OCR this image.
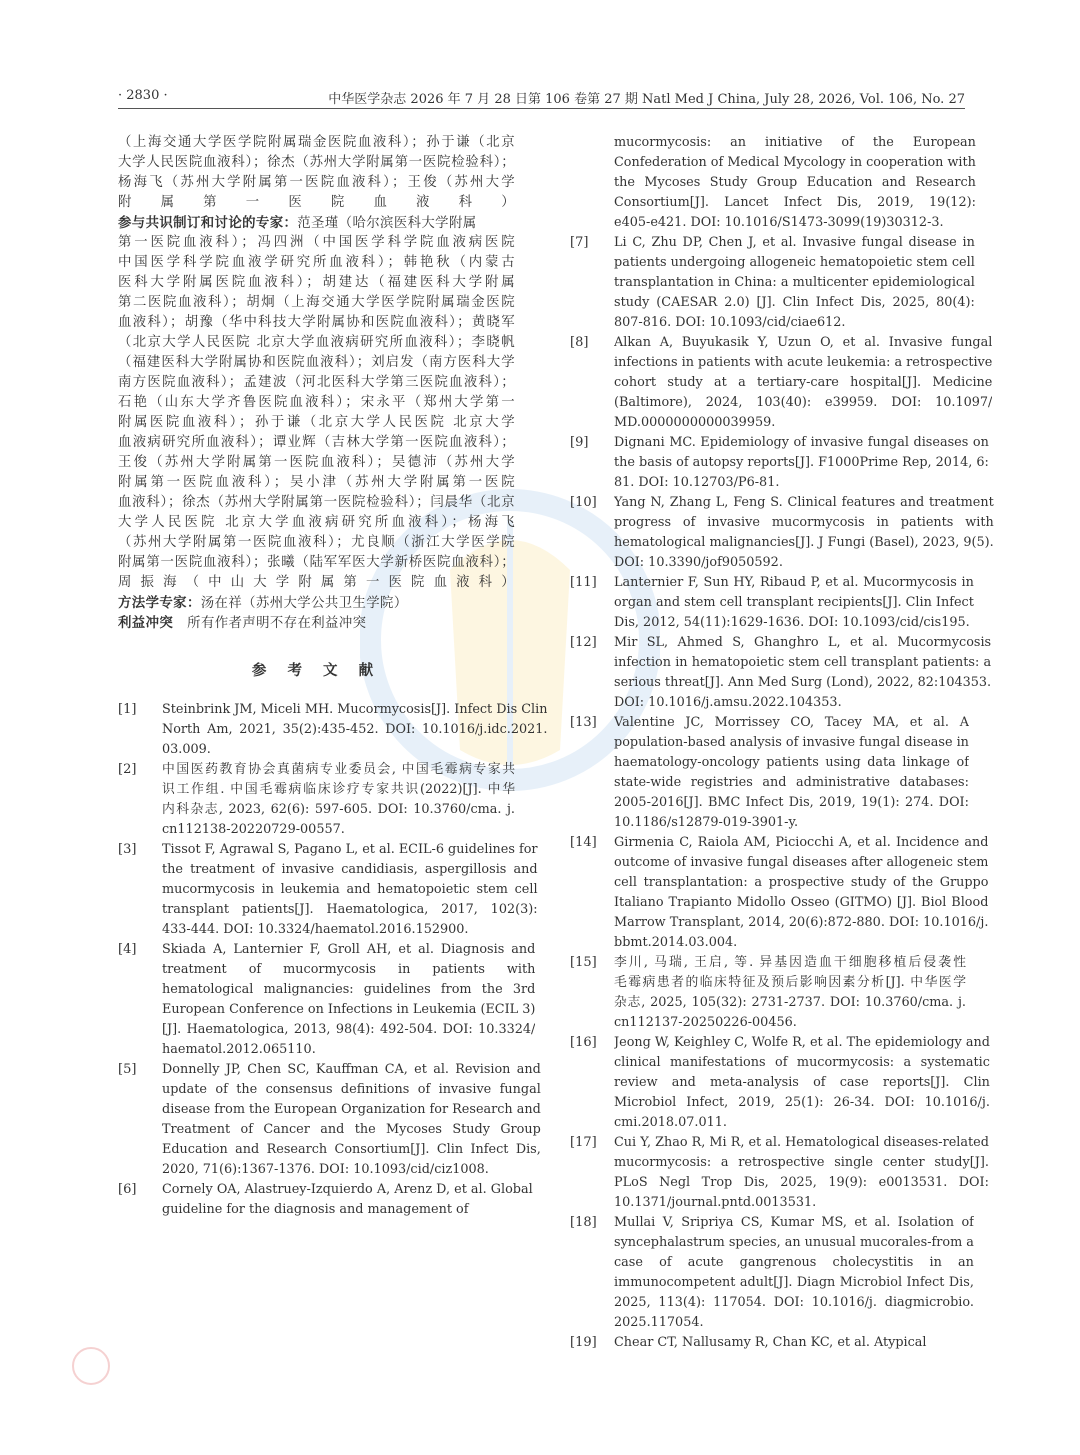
· 2830 ·	中华医学杂志 2026 年 7 月 28 日第 106 卷第 27 期 Natl Med J China, July 28, 2026, Vol. 106, No. 27
（上海交通大学医学院附属瑞金医院血液科）；孙于谦（北京
大学人民医院血液科）；徐杰（苏州大学附属第一医院检验科）；
杨海飞（苏州大学附属第一医院血液科）；王俊（苏州大学
附属第一医院血液科）
参与共识制订和讨论的专家：范圣瑾（哈尔滨医科大学附属
第一医院血液科）；冯四洲（中国医学科学院血液病医院
中国医学科学院血液学研究所血液科）；韩艳秋（内蒙古
医科大学附属医院血液科）；胡建达（福建医科大学附属
第二医院血液科）；胡炯（上海交通大学医学院附属瑞金医院
血液科）；胡豫（华中科技大学附属协和医院血液科）；黄晓军
（北京大学人民医院 北京大学血液病研究所血液科）；李晓帆
（福建医科大学附属协和医院血液科）；刘启发（南方医科大学
南方医院血液科）；孟建波（河北医科大学第三医院血液科）；
石艳（山东大学齐鲁医院血液科）；宋永平（郑州大学第一
附属医院血液科）；孙于谦（北京大学人民医院 北京大学
血液病研究所血液科）；谭业辉（吉林大学第一医院血液科）；
王俊（苏州大学附属第一医院血液科）；吴德沛（苏州大学
附属第一医院血液科）；吴小津（苏州大学附属第一医院
血液科）；徐杰（苏州大学附属第一医院检验科）；闫晨华（北京
大学人民医院 北京大学血液病研究所血液科）；杨海飞
（苏州大学附属第一医院血液科）；尤良顺（浙江大学医学院
附属第一医院血液科）；张曦（陆军军医大学新桥医院血液科）；
周振海（中山大学附属第一医院血液科）
方法学专家：汤在祥（苏州大学公共卫生学院）
利益冲突 所有作者声明不存在利益冲突
参 考 文 献
[1]	Steinbrink JM, Miceli MH. Mucormycosis[J]. Infect Dis Clin
North Am, 2021, 35(2):435-452. DOI: 10.1016/j.idc.2021.
03.009.
[2]	中国医药教育协会真菌病专业委员会, 中国毛霉病专家共
识工作组. 中国毛霉病临床诊疗专家共识(2022)[J]. 中华
内科杂志, 2023, 62(6): 597-605. DOI: 10.3760/cma. j.
cn112138-20220729-00557.
[3]	Tissot F, Agrawal S, Pagano L, et al. ECIL-6 guidelines for
the treatment of invasive candidiasis, aspergillosis and
mucormycosis in leukemia and hematopoietic stem cell
transplant patients[J]. Haematologica, 2017, 102(3):
433-444. DOI: 10.3324/haematol.2016.152900.
[4]	Skiada A, Lanternier F, Groll AH, et al. Diagnosis and
treatment of mucormycosis in patients with
hematological malignancies: guidelines from the 3rd
European Conference on Infections in Leukemia (ECIL 3)
[J]. Haematologica, 2013, 98(4): 492-504. DOI: 10.3324/
haematol.2012.065110.
[5]	Donnelly JP, Chen SC, Kauffman CA, et al. Revision and
update of the consensus definitions of invasive fungal
disease from the European Organization for Research and
Treatment of Cancer and the Mycoses Study Group
Education and Research Consortium[J]. Clin Infect Dis,
2020, 71(6):1367-1376. DOI: 10.1093/cid/ciz1008.
[6]	Cornely OA, Alastruey-Izquierdo A, Arenz D, et al. Global
guideline for the diagnosis and management of
mucormycosis: an initiative of the European
Confederation of Medical Mycology in cooperation with
the Mycoses Study Group Education and Research
Consortium[J]. Lancet Infect Dis, 2019, 19(12):
e405-e421. DOI: 10.1016/S1473-3099(19)30312-3.
[7]	Li C, Zhu DP, Chen J, et al. Invasive fungal disease in
patients undergoing allogeneic hematopoietic stem cell
transplantation in China: a multicenter epidemiological
study (CAESAR 2.0) [J]. Clin Infect Dis, 2025, 80(4):
807-816. DOI: 10.1093/cid/ciae612.
[8]	Alkan A, Buyukasik Y, Uzun O, et al. Invasive fungal
infections in patients with acute leukemia: a retrospective
cohort study at a tertiary-care hospital[J]. Medicine
(Baltimore), 2024, 103(40): e39959. DOI: 10.1097/
MD.0000000000039959.
[9]	Dignani MC. Epidemiology of invasive fungal diseases on
the basis of autopsy reports[J]. F1000Prime Rep, 2014, 6:
81. DOI: 10.12703/P6-81.
[10]	Yang N, Zhang L, Feng S. Clinical features and treatment
progress of invasive mucormycosis in patients with
hematological malignancies[J]. J Fungi (Basel), 2023, 9(5).
DOI: 10.3390/jof9050592.
[11]	Lanternier F, Sun HY, Ribaud P, et al. Mucormycosis in
organ and stem cell transplant recipients[J]. Clin Infect
Dis, 2012, 54(11):1629-1636. DOI: 10.1093/cid/cis195.
[12]	Mir SL, Ahmed S, Ghanghro L, et al. Mucormycosis
infection in hematopoietic stem cell transplant patients: a
serious threat[J]. Ann Med Surg (Lond), 2022, 82:104353.
DOI: 10.1016/j.amsu.2022.104353.
[13]	Valentine JC, Morrissey CO, Tacey MA, et al. A
population-based analysis of invasive fungal disease in
haematology-oncology patients using data linkage of
state-wide registries and administrative databases:
2005-2016[J]. BMC Infect Dis, 2019, 19(1): 274. DOI:
10.1186/s12879-019-3901-y.
[14]	Girmenia C, Raiola AM, Piciocchi A, et al. Incidence and
outcome of invasive fungal diseases after allogeneic stem
cell transplantation: a prospective study of the Gruppo
Italiano Trapianto Midollo Osseo (GITMO) [J]. Biol Blood
Marrow Transplant, 2014, 20(6):872-880. DOI: 10.1016/j.
bbmt.2014.03.004.
[15]	李川, 马瑞, 王启, 等. 异基因造血干细胞移植后侵袭性
毛霉病患者的临床特征及预后影响因素分析[J]. 中华医学
杂志, 2025, 105(32): 2731-2737. DOI: 10.3760/cma. j.
cn112137-20250226-00456.
[16]	Jeong W, Keighley C, Wolfe R, et al. The epidemiology and
clinical manifestations of mucormycosis: a systematic
review and meta-analysis of case reports[J]. Clin
Microbiol Infect, 2019, 25(1): 26-34. DOI: 10.1016/j.
cmi.2018.07.011.
[17]	Cui Y, Zhao R, Mi R, et al. Hematological diseases-related
mucormycosis: a retrospective single center study[J].
PLoS Negl Trop Dis, 2025, 19(9): e0013531. DOI:
10.1371/journal.pntd.0013531.
[18]	Mullai V, Sripriya CS, Kumar MS, et al. Isolation of
syncephalastrum species, an unusual mucorales-from a
case of acute gangrenous cholecystitis in an
immunocompetent adult[J]. Diagn Microbiol Infect Dis,
2025, 113(4): 117054. DOI: 10.1016/j. diagmicrobio.
2025.117054.
[19]	Chear CT, Nallusamy R, Chan KC, et al. Atypical
